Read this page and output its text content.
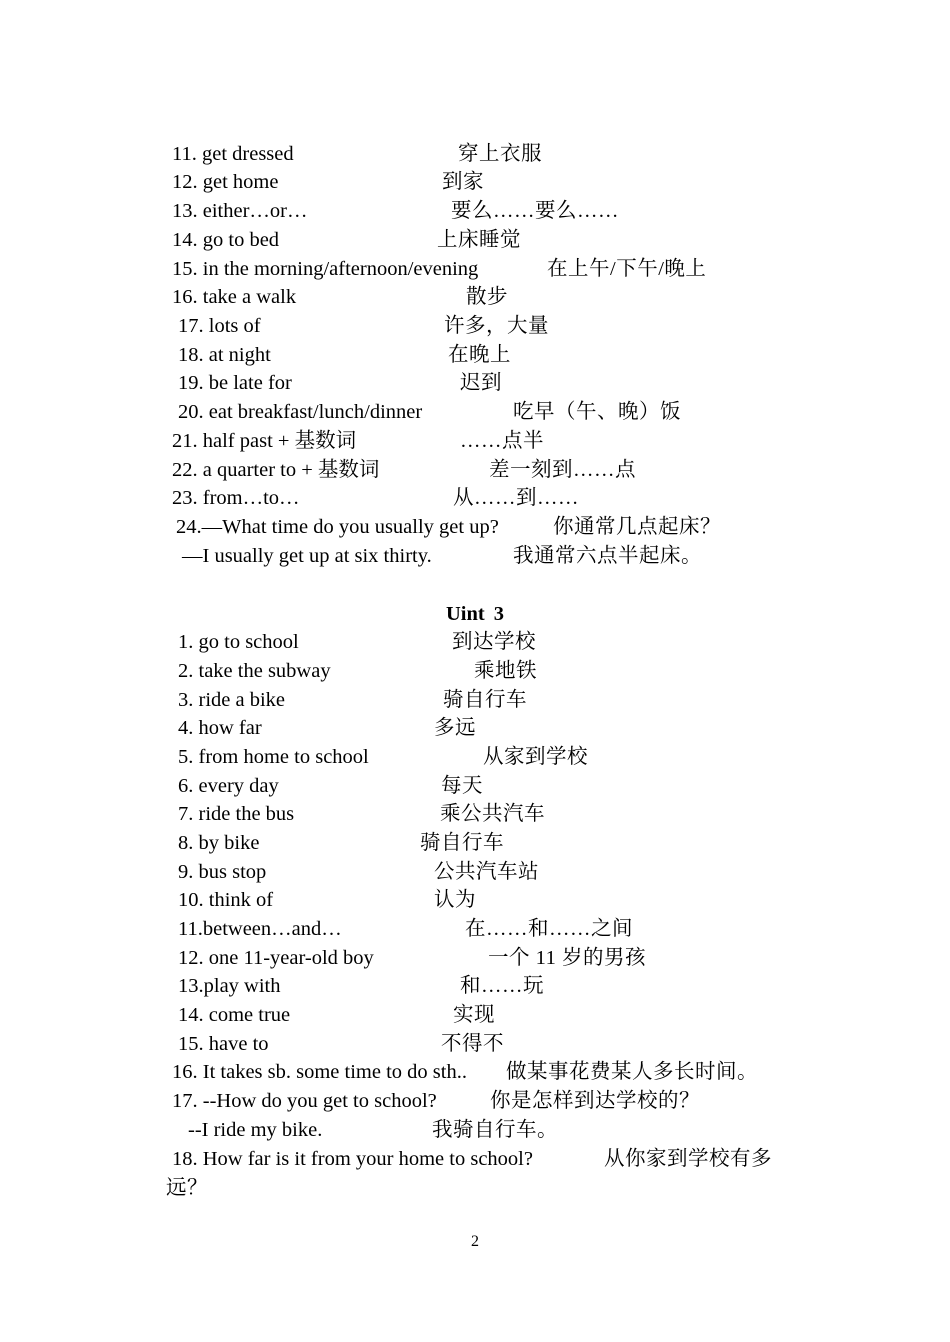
11. get dressed	穿上衣服
12. get home	到家
13. either…or…	要么……要么……
14. go to bed	上床睡觉
15. in the morning/afternoon/evening	在上午/下午/晚上
16. take a walk	散步
17. lots of	许多，大量
18. at night	在晚上
19. be late for	迟到
20. eat breakfast/lunch/dinner	吃早（午、晚）饭
21. half past + 基数词	……点半
22. a quarter to + 基数词	差一刻到……点
23. from…to…	从……到……
24.—What time do you usually get up?	你通常几点起床？
—I usually get up at six thirty.	我通常六点半起床。
Uint 3
1. go to school	到达学校
2. take the subway	乘地铁
3. ride a bike	骑自行车
4. how far	多远
5. from home to school	从家到学校
6. every day	每天
7. ride the bus	乘公共汽车
8. by bike	骑自行车
9. bus stop	公共汽车站
10. think of	认为
11.between…and…	在……和……之间
12. one 11-year-old boy	一个 11 岁的男孩
13.play with	和……玩
14. come true	实现
15. have to	不得不
16. It takes sb. some time to do sth.. 做某事花费某人多长时间。
17. --How do you get to school?	你是怎样到达学校的？
--I ride my bike.	我骑自行车。
18. How far is it from your home to school?	从你家到学校有多
远？
2
